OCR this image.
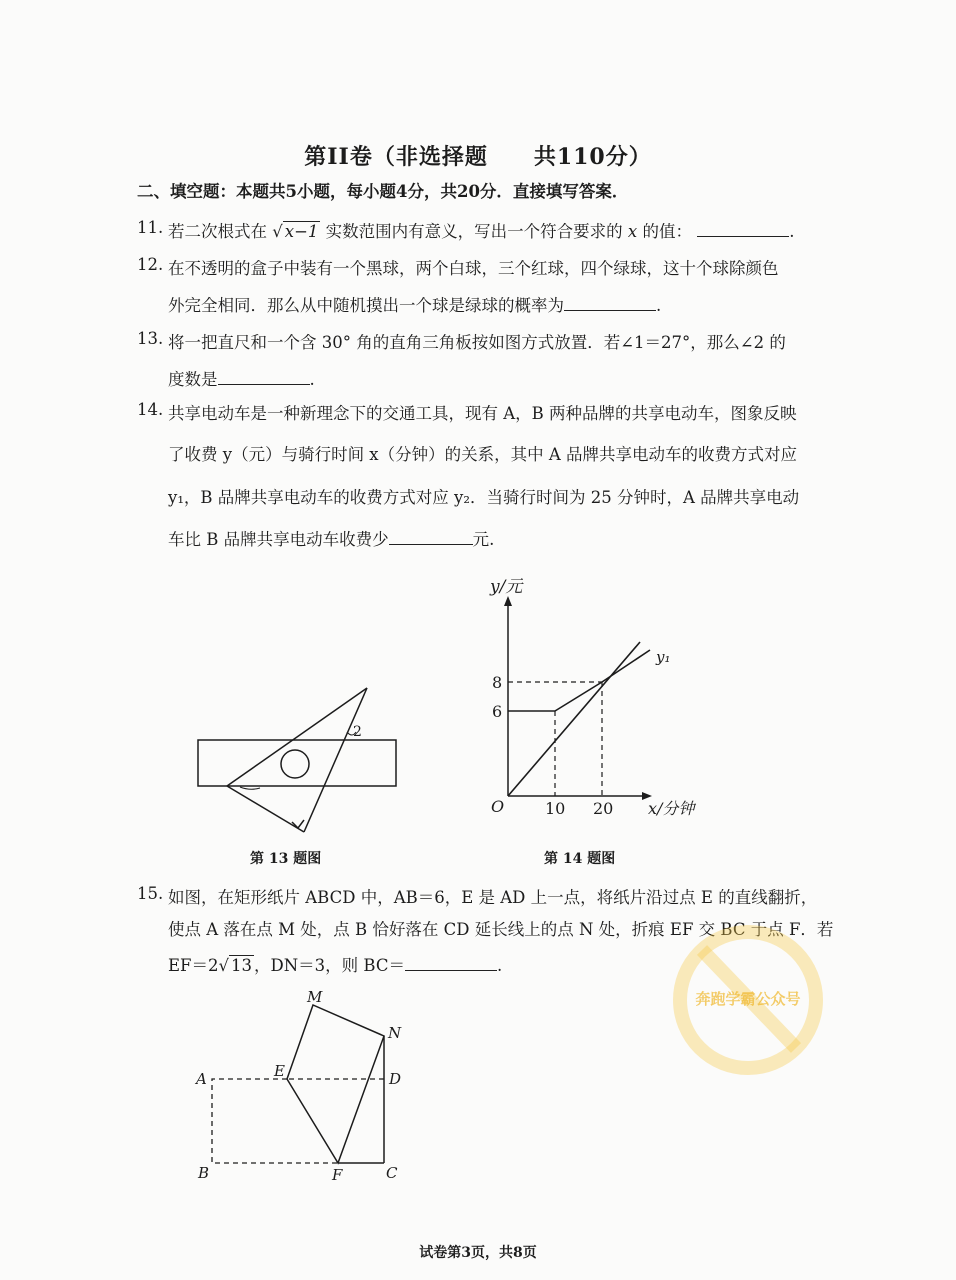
第II卷（非选择题　　共110分）
二、填空题：本题共5小题，每小题4分，共20分．直接填写答案．
11. 若二次根式在 √ x−1 实数范围内有意义，写出一个符合要求的 x 的值：	.
12. 在不透明的盒子中装有一个黑球，两个白球，三个红球，四个绿球，这十个球除颜色
外完全相同．那么从中随机摸出一个球是绿球的概率为	.
13. 将一把直尺和一个含 30° 角的直角三角板按如图方式放置．若∠1＝27°，那么∠2 的
度数是	.
14. 共享电动车是一种新理念下的交通工具，现有 A，B 两种品牌的共享电动车，图象反映
了收费 y（元）与骑行时间 x（分钟）的关系，其中 A 品牌共享电动车的收费方式对应
y₁，B 品牌共享电动车的收费方式对应 y₂．当骑行时间为 25 分钟时，A 品牌共享电动
车比 B 品牌共享电动车收费少	元.
2
第 13 题图
y/元
x/分钟
O
8
6
10 20
y₁
第 14 题图
15. 如图，在矩形纸片 ABCD 中，AB＝6，E 是 AD 上一点，将纸片沿过点 E 的直线翻折，
使点 A 落在点 M 处，点 B 恰好落在 CD 延长线上的点 N 处，折痕 EF 交 BC 于点 F．若
EF＝2√ 13 ，DN＝3，则 BC＝	.
M
N
A	E	D
B	F	C
奔跑学霸公众号
试卷第3页，共8页
